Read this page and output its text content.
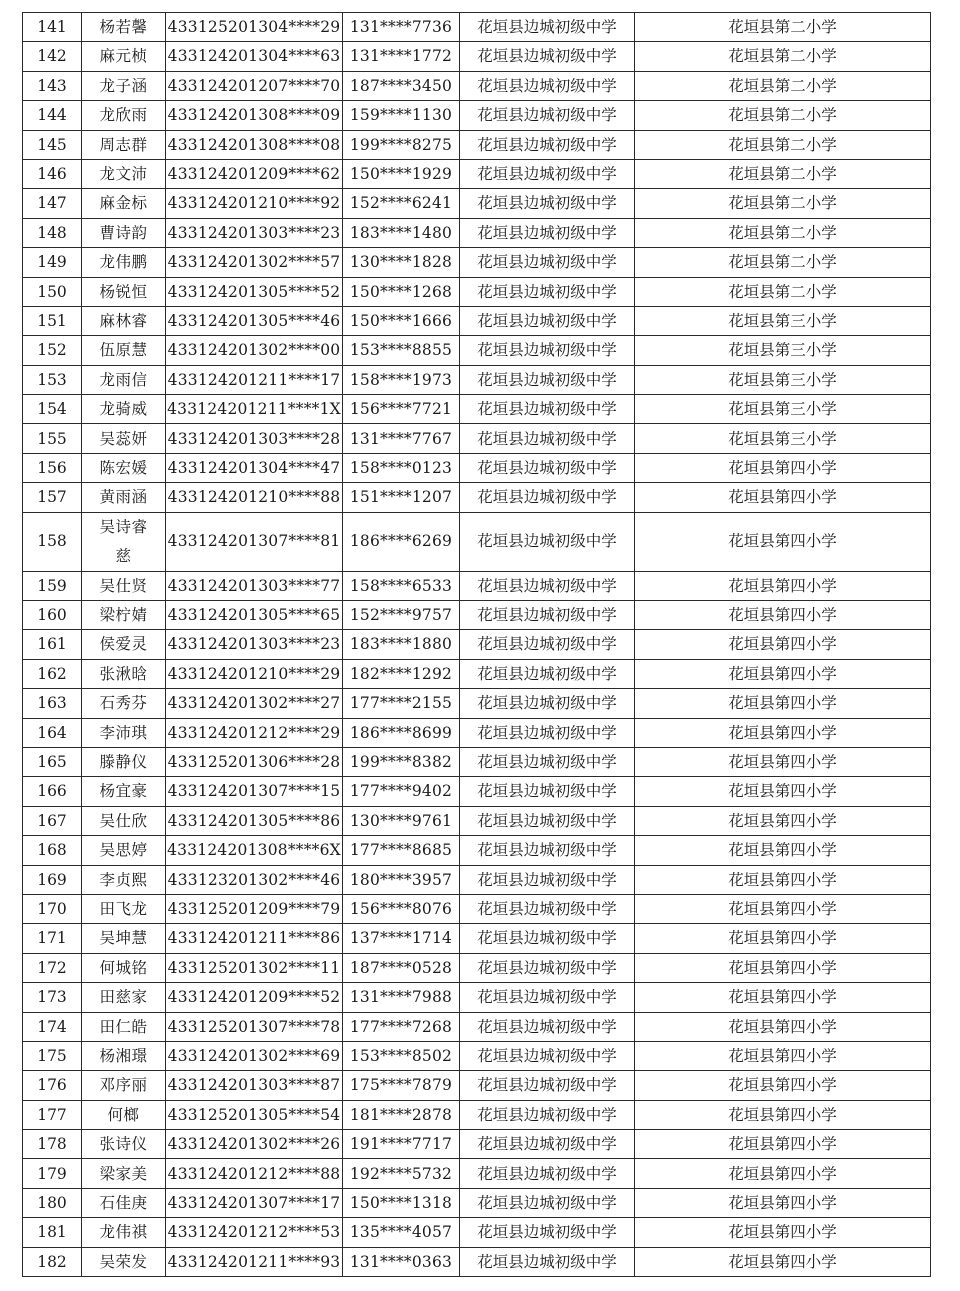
141	杨若馨	433125201304****29	131****7736	花垣县边城初级中学	花垣县第二小学
142	麻元桢	433124201304****63	131****1772	花垣县边城初级中学	花垣县第二小学
143	龙子涵	433124201207****70	187****3450	花垣县边城初级中学	花垣县第二小学
144	龙欣雨	433124201308****09	159****1130	花垣县边城初级中学	花垣县第二小学
145	周志群	433124201308****08	199****8275	花垣县边城初级中学	花垣县第二小学
146	龙文沛	433124201209****62	150****1929	花垣县边城初级中学	花垣县第二小学
147	麻金标	433124201210****92	152****6241	花垣县边城初级中学	花垣县第二小学
148	曹诗韵	433124201303****23	183****1480	花垣县边城初级中学	花垣县第二小学
149	龙伟鹏	433124201302****57	130****1828	花垣县边城初级中学	花垣县第二小学
150	杨锐恒	433124201305****52	150****1268	花垣县边城初级中学	花垣县第二小学
151	麻林睿	433124201305****46	150****1666	花垣县边城初级中学	花垣县第三小学
152	伍原慧	433124201302****00	153****8855	花垣县边城初级中学	花垣县第三小学
153	龙雨信	433124201211****17	158****1973	花垣县边城初级中学	花垣县第三小学
154	龙骑威	433124201211****1X	156****7721	花垣县边城初级中学	花垣县第三小学
155	吴蕊妍	433124201303****28	131****7767	花垣县边城初级中学	花垣县第三小学
156	陈宏媛	433124201304****47	158****0123	花垣县边城初级中学	花垣县第四小学
157	黄雨涵	433124201210****88	151****1207	花垣县边城初级中学	花垣县第四小学
158	吴诗睿慈	433124201307****81	186****6269	花垣县边城初级中学	花垣县第四小学
159	吴仕贤	433124201303****77	158****6533	花垣县边城初级中学	花垣县第四小学
160	梁柠婧	433124201305****65	152****9757	花垣县边城初级中学	花垣县第四小学
161	侯爱灵	433124201303****23	183****1880	花垣县边城初级中学	花垣县第四小学
162	张湫晗	433124201210****29	182****1292	花垣县边城初级中学	花垣县第四小学
163	石秀芬	433124201302****27	177****2155	花垣县边城初级中学	花垣县第四小学
164	李沛琪	433124201212****29	186****8699	花垣县边城初级中学	花垣县第四小学
165	滕静仪	433125201306****28	199****8382	花垣县边城初级中学	花垣县第四小学
166	杨宜豪	433124201307****15	177****9402	花垣县边城初级中学	花垣县第四小学
167	吴仕欣	433124201305****86	130****9761	花垣县边城初级中学	花垣县第四小学
168	吴思婷	433124201308****6X	177****8685	花垣县边城初级中学	花垣县第四小学
169	李贞熙	433123201302****46	180****3957	花垣县边城初级中学	花垣县第四小学
170	田飞龙	433125201209****79	156****8076	花垣县边城初级中学	花垣县第四小学
171	吴坤慧	433124201211****86	137****1714	花垣县边城初级中学	花垣县第四小学
172	何城铭	433125201302****11	187****0528	花垣县边城初级中学	花垣县第四小学
173	田慈家	433124201209****52	131****7988	花垣县边城初级中学	花垣县第四小学
174	田仁皓	433125201307****78	177****7268	花垣县边城初级中学	花垣县第四小学
175	杨湘璟	433124201302****69	153****8502	花垣县边城初级中学	花垣县第四小学
176	邓序丽	433124201303****87	175****7879	花垣县边城初级中学	花垣县第四小学
177	何榔	433125201305****54	181****2878	花垣县边城初级中学	花垣县第四小学
178	张诗仪	433124201302****26	191****7717	花垣县边城初级中学	花垣县第四小学
179	梁家美	433124201212****88	192****5732	花垣县边城初级中学	花垣县第四小学
180	石佳庚	433124201307****17	150****1318	花垣县边城初级中学	花垣县第四小学
181	龙伟祺	433124201212****53	135****4057	花垣县边城初级中学	花垣县第四小学
182	吴荣发	433124201211****93	131****0363	花垣县边城初级中学	花垣县第四小学
